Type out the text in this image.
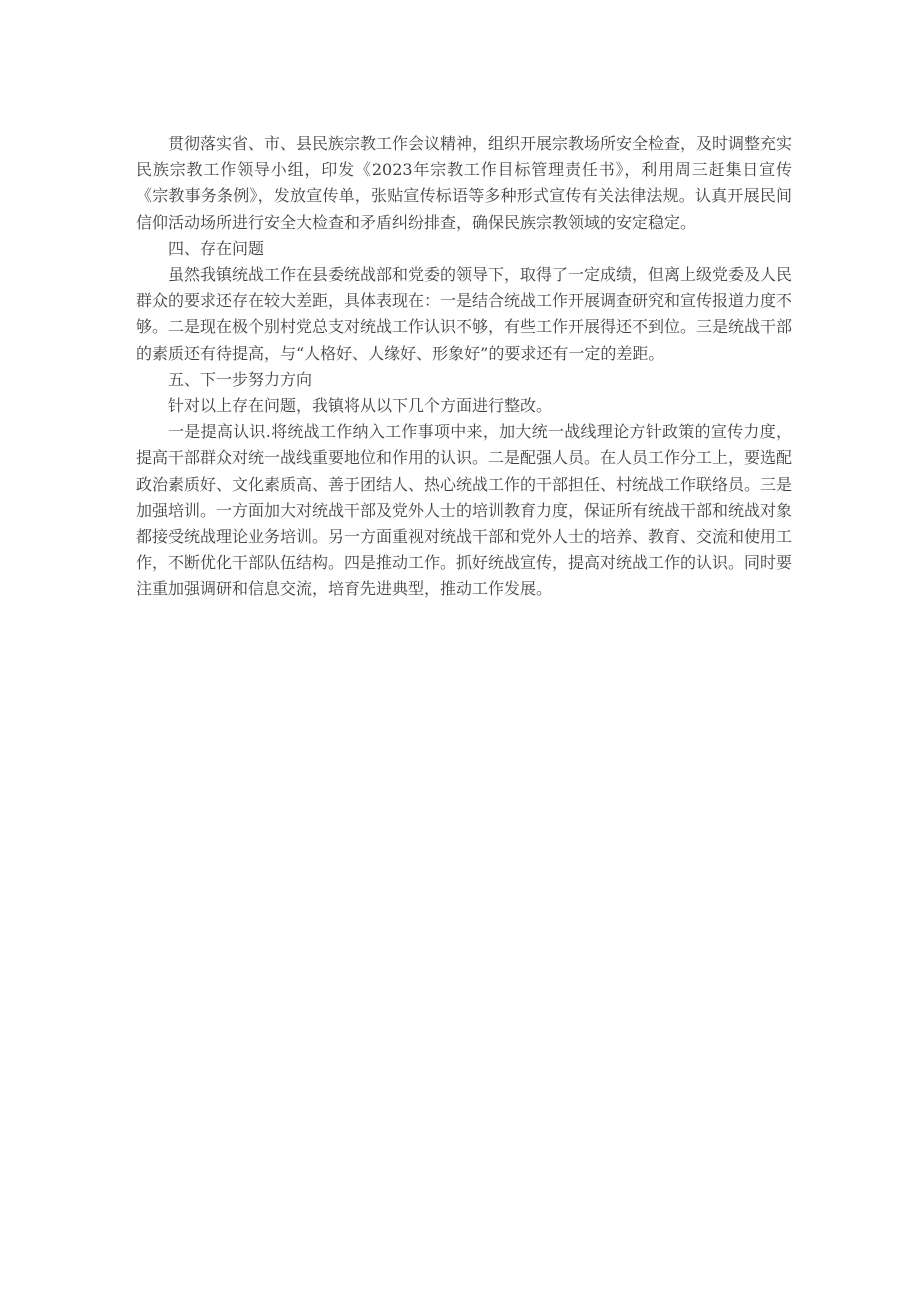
贯彻落实省、市、县民族宗教工作会议精神，组织开展宗教场所安全检查，及时调整充实民族宗教工作领导小组，印发《2023年宗教工作目标管理责任书》，利用周三赶集日宣传《宗教事务条例》，发放宣传单，张贴宣传标语等多种形式宣传有关法律法规。认真开展民间信仰活动场所进行安全大检查和矛盾纠纷排查，确保民族宗教领域的安定稳定。

四、存在问题

虽然我镇统战工作在县委统战部和党委的领导下，取得了一定成绩，但离上级党委及人民群众的要求还存在较大差距，具体表现在：一是结合统战工作开展调查研究和宣传报道力度不够。二是现在极个别村党总支对统战工作认识不够，有些工作开展得还不到位。三是统战干部的素质还有待提高，与“人格好、人缘好、形象好”的要求还有一定的差距。

五、下一步努力方向

针对以上存在问题，我镇将从以下几个方面进行整改。

一是提高认识.将统战工作纳入工作事项中来，加大统一战线理论方针政策的宣传力度，提高干部群众对统一战线重要地位和作用的认识。二是配强人员。在人员工作分工上，要选配政治素质好、文化素质高、善于团结人、热心统战工作的干部担任、村统战工作联络员。三是加强培训。一方面加大对统战干部及党外人士的培训教育力度，保证所有统战干部和统战对象都接受统战理论业务培训。另一方面重视对统战干部和党外人士的培养、教育、交流和使用工作，不断优化干部队伍结构。四是推动工作。抓好统战宣传，提高对统战工作的认识。同时要注重加强调研和信息交流，培育先进典型，推动工作发展。
